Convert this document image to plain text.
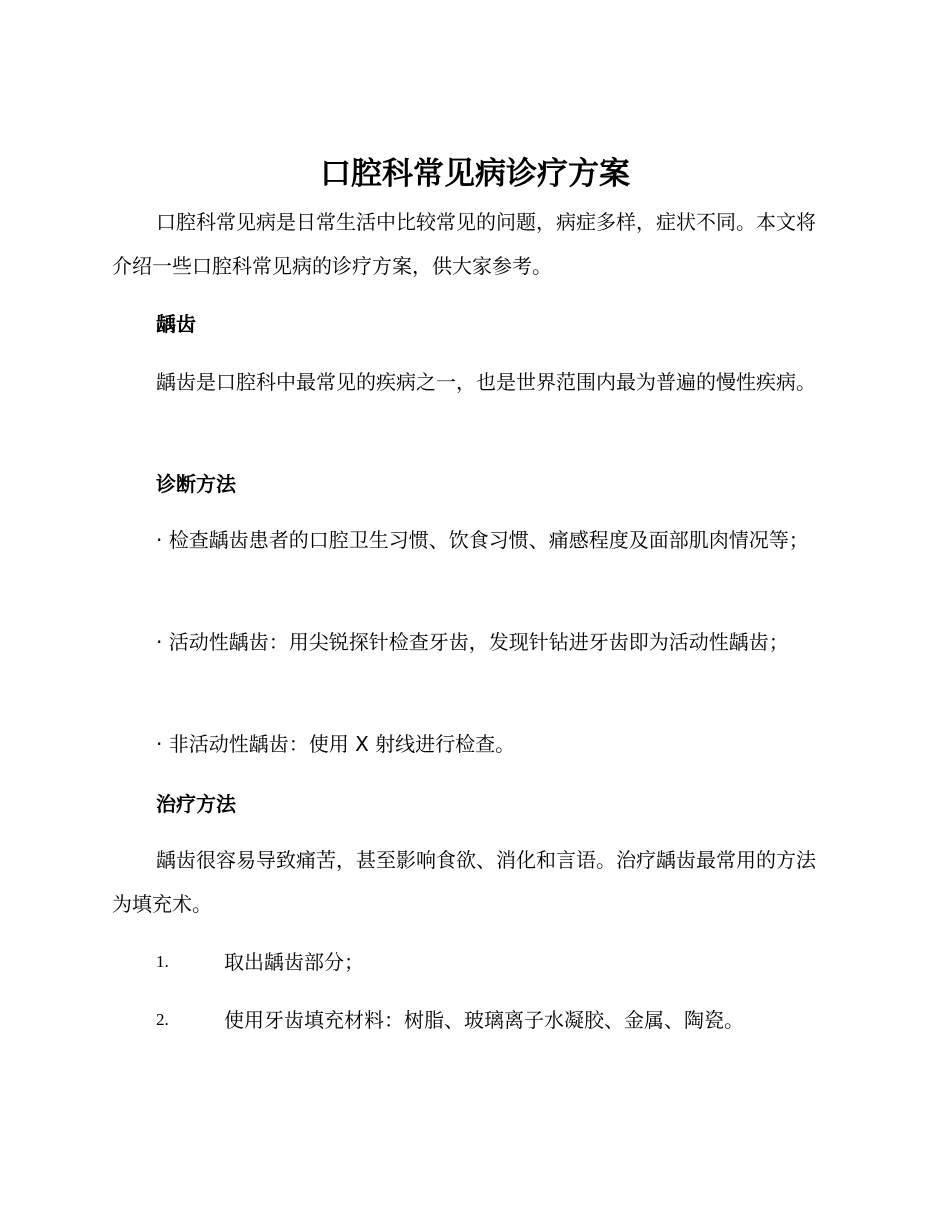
口腔科常见病诊疗方案

口腔科常见病是日常生活中比较常见的问题，病症多样，症状不同。本文将介绍一些口腔科常见病的诊疗方案，供大家参考。

龋齿

龋齿是口腔科中最常见的疾病之一，也是世界范围内最为普遍的慢性疾病。

诊断方法

· 检查龋齿患者的口腔卫生习惯、饮食习惯、痛感程度及面部肌肉情况等；

· 活动性龋齿：用尖锐探针检查牙齿，发现针钻进牙齿即为活动性龋齿；

· 非活动性龋齿：使用 X 射线进行检查。

治疗方法

龋齿很容易导致痛苦，甚至影响食欲、消化和言语。治疗龋齿最常用的方法为填充术。

1.	取出龋齿部分；
2.	使用牙齿填充材料：树脂、玻璃离子水凝胶、金属、陶瓷。
